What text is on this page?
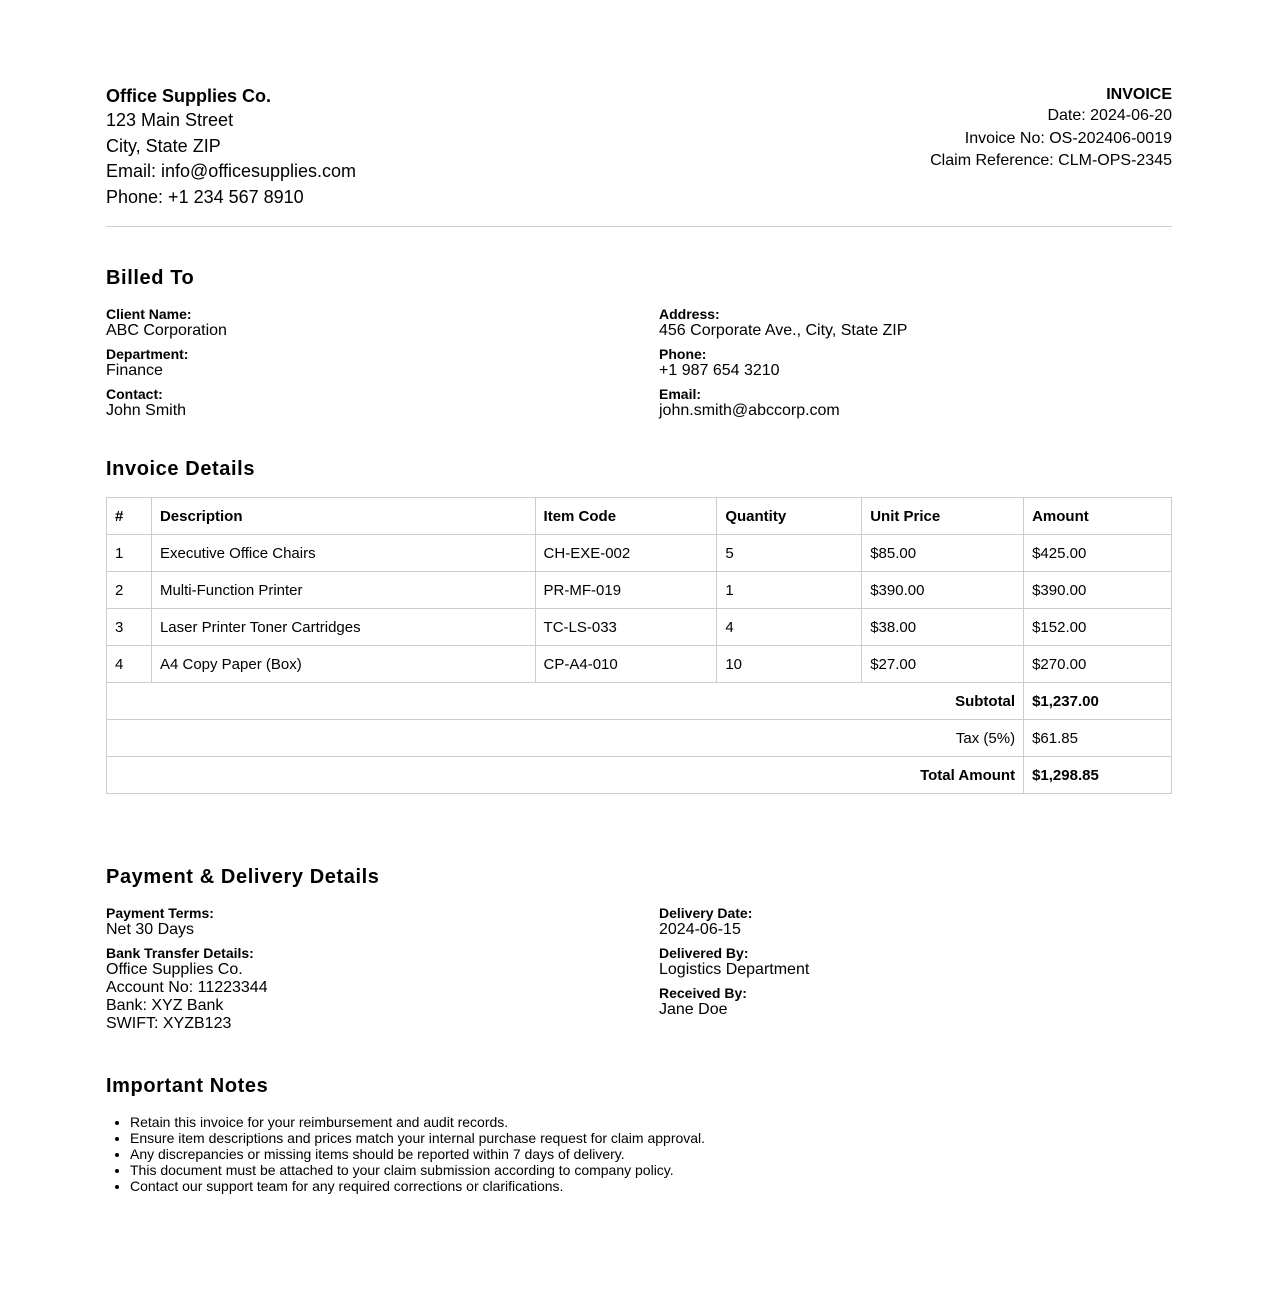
Office Supplies Co.
123 Main Street
City, State ZIP
Email: info@officesupplies.com
Phone: +1 234 567 8910
INVOICE
Date: 2024-06-20
Invoice No: OS-202406-0019
Claim Reference: CLM-OPS-2345
Billed To
Client Name:
ABC Corporation
Department:
Finance
Contact:
John Smith
Address:
456 Corporate Ave., City, State ZIP
Phone:
+1 987 654 3210
Email:
john.smith@abccorp.com
Invoice Details
#	Description	Item Code	Quantity	Unit Price	Amount
1	Executive Office Chairs	CH-EXE-002	5	$85.00	$425.00
2	Multi-Function Printer	PR-MF-019	1	$390.00	$390.00
3	Laser Printer Toner Cartridges	TC-LS-033	4	$38.00	$152.00
4	A4 Copy Paper (Box)	CP-A4-010	10	$27.00	$270.00
Subtotal					$1,237.00
Tax (5%)					$61.85
Total Amount					$1,298.85
Payment & Delivery Details
Payment Terms:
Net 30 Days
Bank Transfer Details:
Office Supplies Co.
Account No: 11223344
Bank: XYZ Bank
SWIFT: XYZB123
Delivery Date:
2024-06-15
Delivered By:
Logistics Department
Received By:
Jane Doe
Important Notes
• Retain this invoice for your reimbursement and audit records.
• Ensure item descriptions and prices match your internal purchase request for claim approval.
• Any discrepancies or missing items should be reported within 7 days of delivery.
• This document must be attached to your claim submission according to company policy.
• Contact our support team for any required corrections or clarifications.
